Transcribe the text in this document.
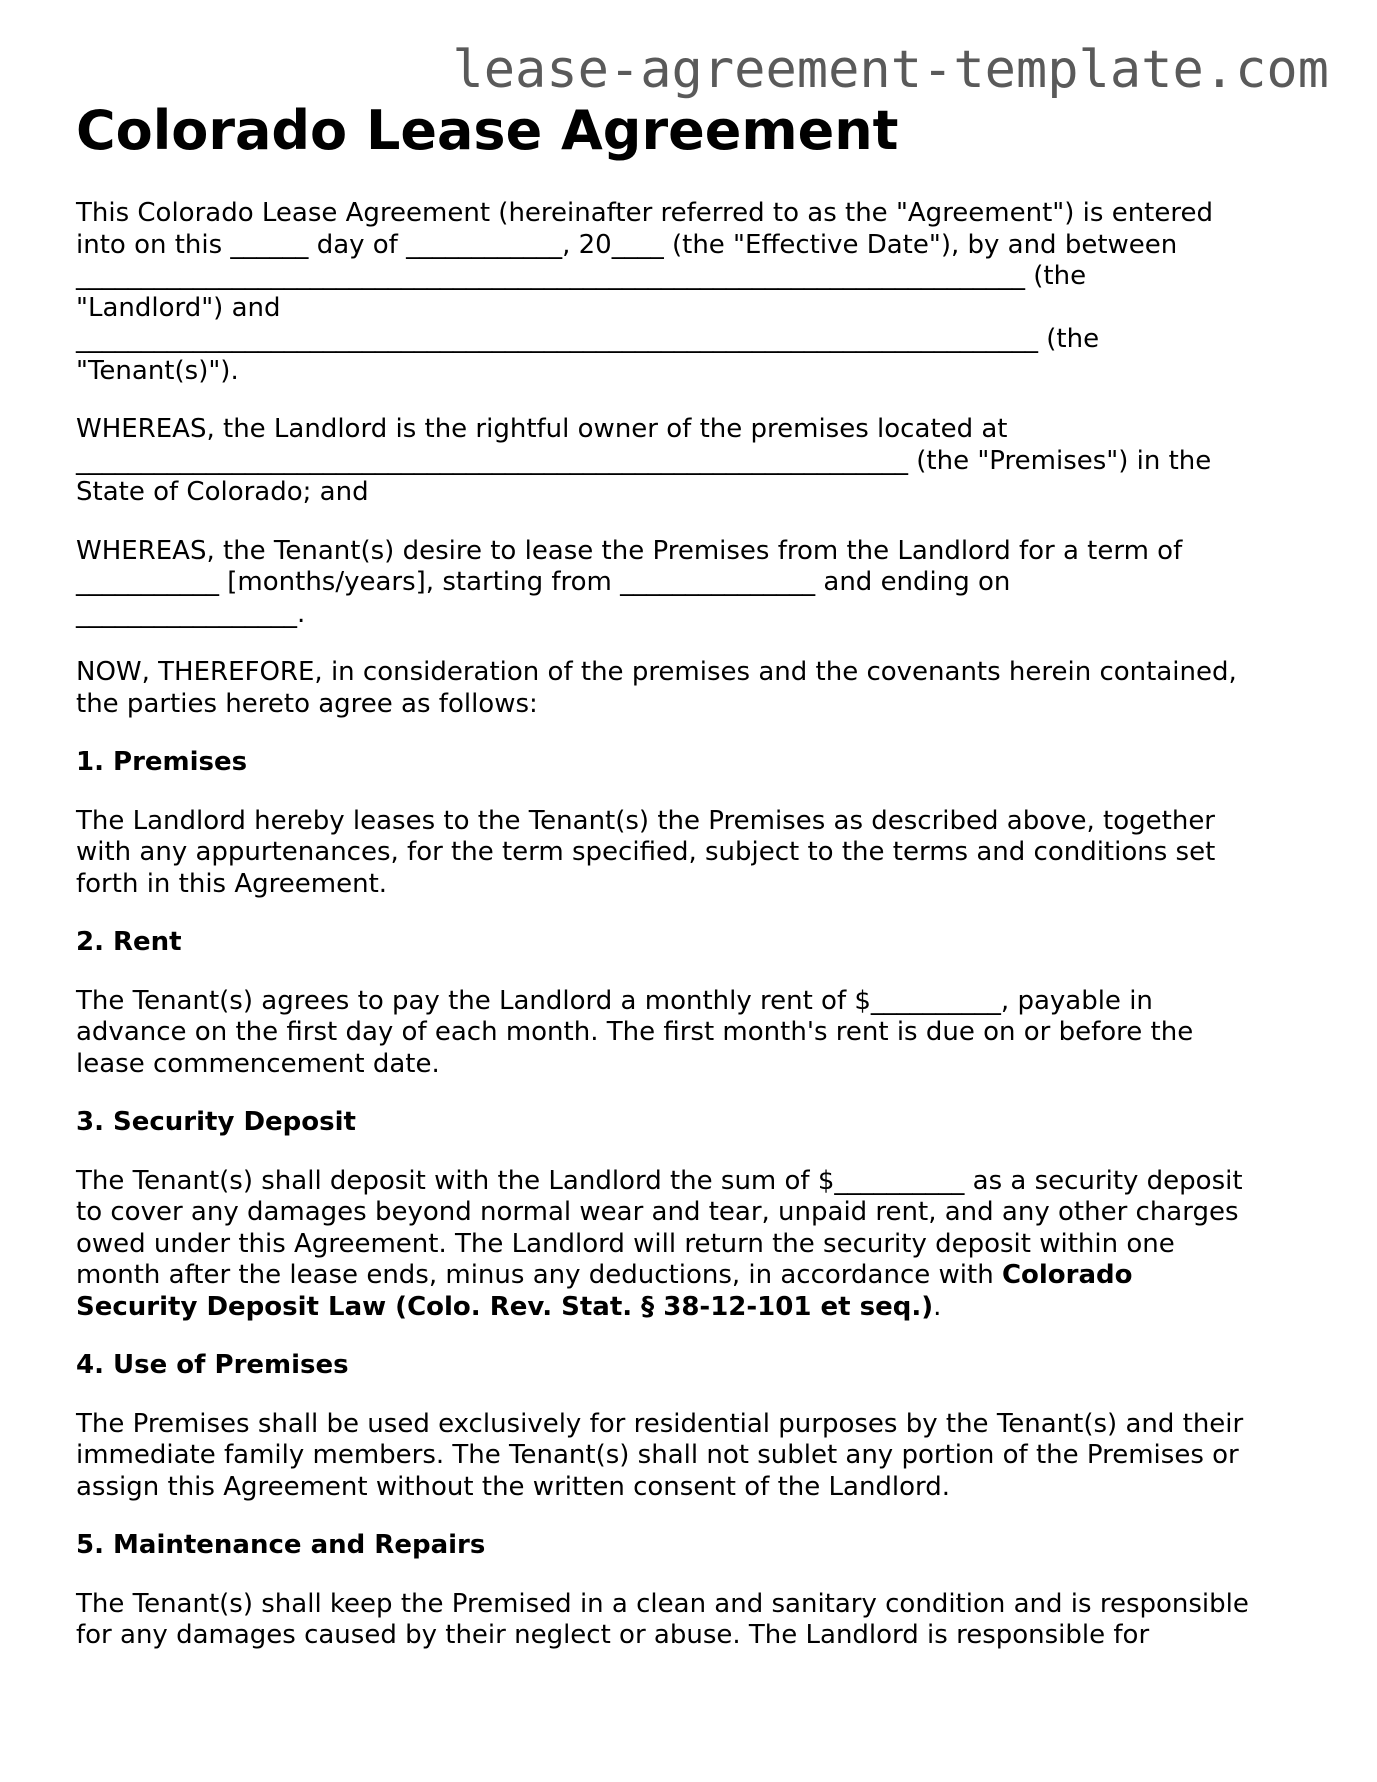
lease-agreement-template.com
Colorado Lease Agreement

This Colorado Lease Agreement (hereinafter referred to as the "Agreement") is entered

into on this ______ day of ____________, 20____ (the "Effective Date"), by and between

_________________________________________________________________________ (the

"Landlord") and

__________________________________________________________________________ (the

"Tenant(s)").

WHEREAS, the Landlord is the rightful owner of the premises located at

________________________________________________________________ (the "Premises") in the

State of Colorado; and

WHEREAS, the Tenant(s) desire to lease the Premises from the Landlord for a term of

___________ [months/years], starting from _______________ and ending on

_________________.

NOW, THEREFORE, in consideration of the premises and the covenants herein contained,

the parties hereto agree as follows:

1. Premises

The Landlord hereby leases to the Tenant(s) the Premises as described above, together

with any appurtenances, for the term specified, subject to the terms and conditions set

forth in this Agreement.

2. Rent

The Tenant(s) agrees to pay the Landlord a monthly rent of $__________, payable in

advance on the first day of each month. The first month's rent is due on or before the

lease commencement date.

3. Security Deposit

The Tenant(s) shall deposit with the Landlord the sum of $__________ as a security deposit

to cover any damages beyond normal wear and tear, unpaid rent, and any other charges

owed under this Agreement. The Landlord will return the security deposit within one

month after the lease ends, minus any deductions, in accordance with Colorado

Security Deposit Law (Colo. Rev. Stat. § 38-12-101 et seq.).

4. Use of Premises

The Premises shall be used exclusively for residential purposes by the Tenant(s) and their

immediate family members. The Tenant(s) shall not sublet any portion of the Premises or

assign this Agreement without the written consent of the Landlord.

5. Maintenance and Repairs

The Tenant(s) shall keep the Premised in a clean and sanitary condition and is responsible

for any damages caused by their neglect or abuse. The Landlord is responsible for
